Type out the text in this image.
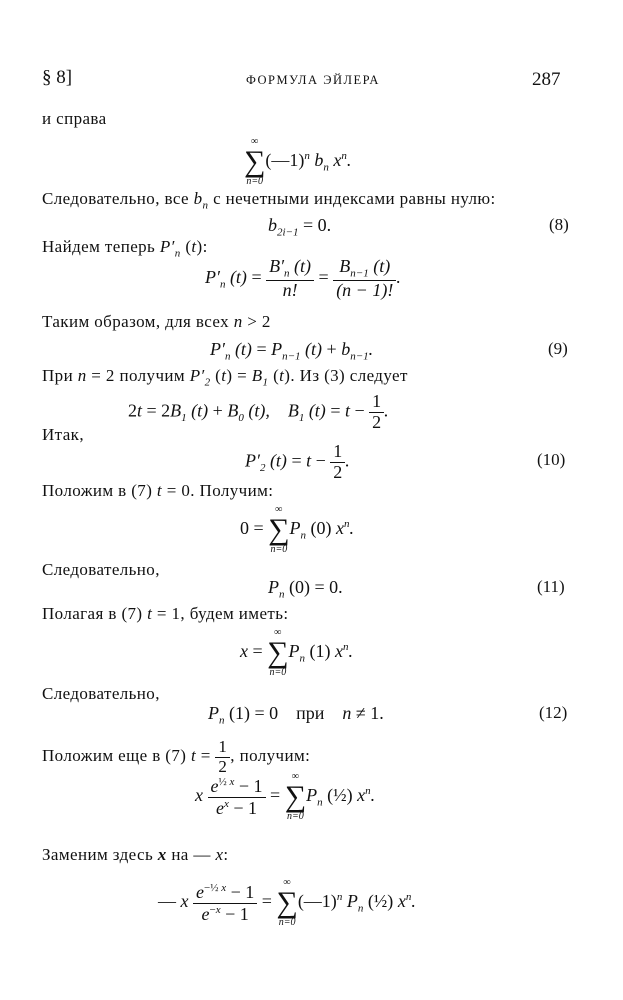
§ 8]	ФОРМУЛА ЭЙЛЕРА	287
и справа
∞
∑
n=0
(—1)$^n$ $b_n$ $x^n$.
Следовательно, все $b_n$ с нечетными индексами равны нулю:
$b_{2i-1} = 0$.	(8)
Найдем теперь $P'_n$ (t):
$P'_n$ $(t) = \frac{B'_n (t)}{n!} = \frac{B_{n-1} (t)}{(n - 1)!}$ .
Таким образом, для всех n > 2
$P'_n$ $(t) = P_{n-1}$ $(t) + b_{n-1}$.	(9)
При n = 2 получим $P'_2$ $(t) = B_1$ (t). Из (3) следует
$2t = 2B_1$ $(t) + B_0$ (t),    $B_1$ $(t) = t - \frac{1}{2}$ .
Итак,
$P'_2$ $(t) = t - \frac{1}{2}$ .	(10)
Положим в (7) t = 0. Получим:
0 =
∞
∑
n=0
$P_n$ (0) $x^n$.
Следовательно,
$P_n$ (0) = 0.	(11)
Полагая в (7) t = 1, будем иметь:
x =
∞
∑
n=0
$P_n$ (1) $x^n$.
Следовательно,
$P_n$ (1) = 0 при    n ≠ 1.	(12)
Положим еще в (7) $t = \frac{1}{2}$ , получим:
x $\frac{e^{\frac{1}{2} x} - 1}{e^x - 1}$ =
∞
∑
n=0
$P_n$ (½) $x^n$.
Заменим здесь x на — x:
— x $\frac{e^{-\frac{1}{2} x} - 1}{e^{-x} - 1}$ =
∞
∑
n=0
(—1)$^n$ $P_n$ (½) $x^n$.
